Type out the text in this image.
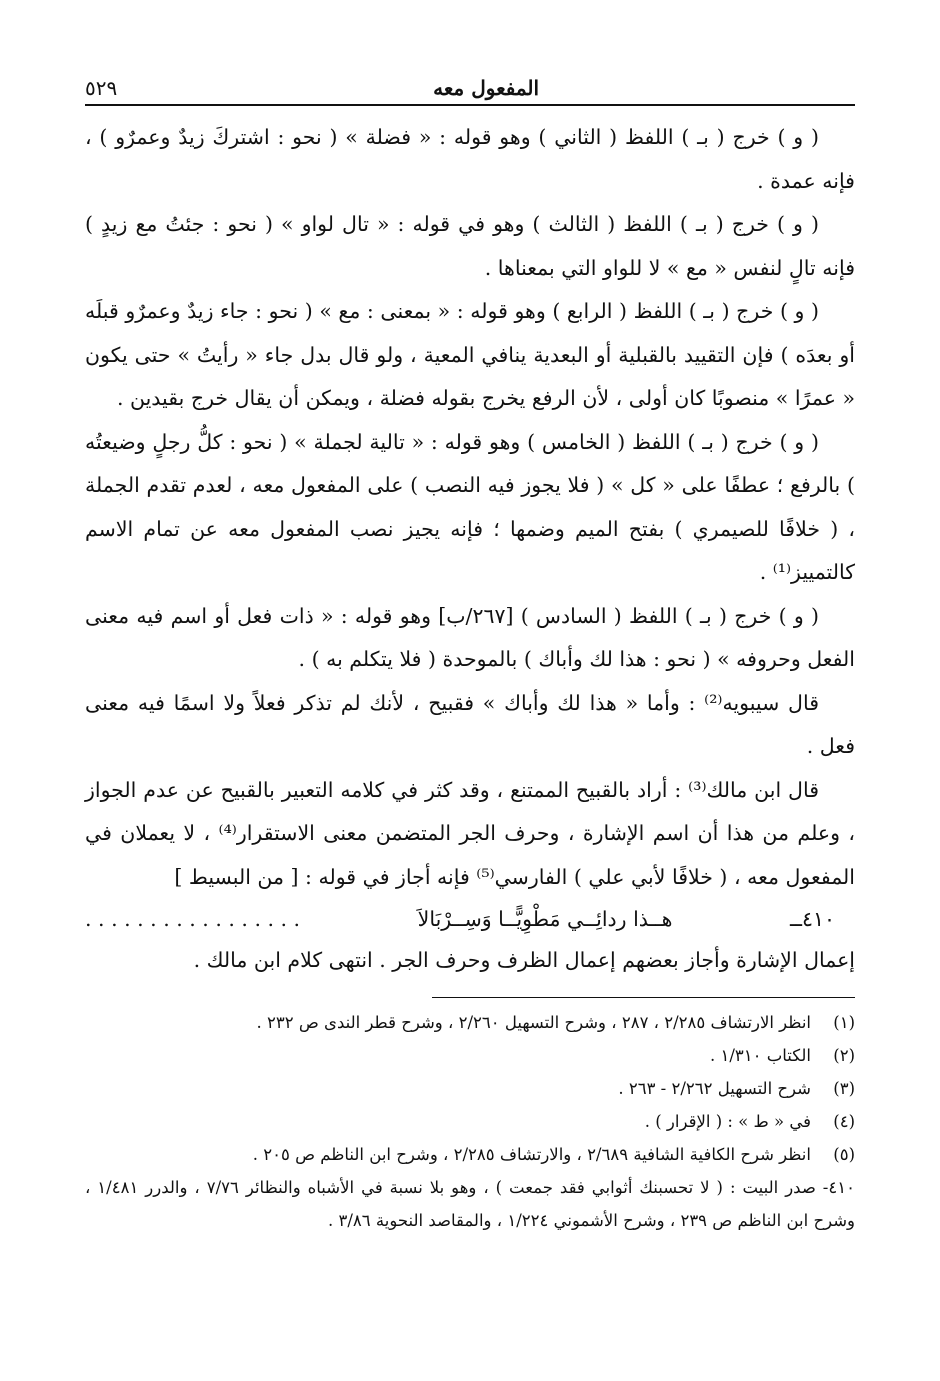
المفعول معه
٥٢٩

( و ) خرج ( بـ ) اللفظ ( الثاني ) وهو قوله : « فضلة » ( نحو : اشتركَ زيدٌ وعمرٌو ) ، فإنه عمدة .

( و ) خرج ( بـ ) اللفظ ( الثالث ) وهو في قوله : « تال لواو » ( نحو : جئتُ مع زيدٍ ) فإنه تالٍ لنفس « مع » لا للواو التي بمعناها .

( و ) خرج ( بـ ) اللفظ ( الرابع ) وهو قوله : « بمعنى : مع » ( نحو : جاء زيدٌ وعمرٌو قبلَه أو بعدَه ) فإن التقييد بالقبلية أو البعدية ينافي المعية ، ولو قال بدل جاء « رأيتُ » حتى يكون « عمرًا » منصوبًا كان أولى ، لأن الرفع يخرج بقوله فضلة ، ويمكن أن يقال خرج بقيدين .

( و ) خرج ( بـ ) اللفظ ( الخامس ) وهو قوله : « تالية لجملة » ( نحو : كلُّ رجلٍ وضيعتُه ) بالرفع ؛ عطفًا على « كل » ( فلا يجوز فيه النصب ) على المفعول معه ، لعدم تقدم الجملة ، ( خلافًا للصيمري ) بفتح الميم وضمها ؛ فإنه يجيز نصب المفعول معه عن تمام الاسم كالتمييز⁽¹⁾ .

( و ) خرج ( بـ ) اللفظ ( السادس ) [٢٦٧/ب] وهو قوله : « ذات فعل أو اسم فيه معنى الفعل وحروفه » ( نحو : هذا لك وأباك ) بالموحدة ( فلا يتكلم به ) .

قال سيبويه⁽²⁾ : وأما « هذا لك وأباك » فقبيح ، لأنك لم تذكر فعلاً ولا اسمًا فيه معنى فعل .

قال ابن مالك⁽³⁾ : أراد بالقبيح الممتنع ، وقد كثر في كلامه التعبير بالقبيح عن عدم الجواز ، وعلم من هذا أن اسم الإشارة ، وحرف الجر المتضمن معنى الاستقرار⁽⁴⁾ ، لا يعملان في المفعول معه ، ( خلافًا لأبي علي ) الفارسي⁽⁵⁾ فإنه أجاز في قوله : [ من البسيط ]

٤١٠ــ
هــذا ردائِــي مَطْوِيًّــا وَسِــرْبَالاَ
. . . . . . . . . . . . . . . . .

إعمال الإشارة وأجاز بعضهم إعمال الظرف وحرف الجر . انتهى كلام ابن مالك .

(١)
انظر الارتشاف ٢/٢٨٥ ، ٢٨٧ ، وشرح التسهيل ٢/٢٦٠ ، وشرح قطر الندى ص ٢٣٢ .
(٢)
الكتاب ١/٣١٠ .
(٣)
شرح التسهيل ٢/٢٦٢ - ٢٦٣ .
(٤)
في « ط » : ( الإقرار ) .
(٥)
انظر شرح الكافية الشافية ٢/٦٨٩ ، والارتشاف ٢/٢٨٥ ، وشرح ابن الناظم ص ٢٠٥ .
٤١٠- صدر البيت : ( لا تحسبنك أثوابي فقد جمعت ) ، وهو بلا نسبة في الأشباه والنظائر ٧/٧٦ ، والدرر ١/٤٨١ ، وشرح ابن الناظم ص ٢٣٩ ، وشرح الأشموني ١/٢٢٤ ، والمقاصد النحوية ٣/٨٦ .
